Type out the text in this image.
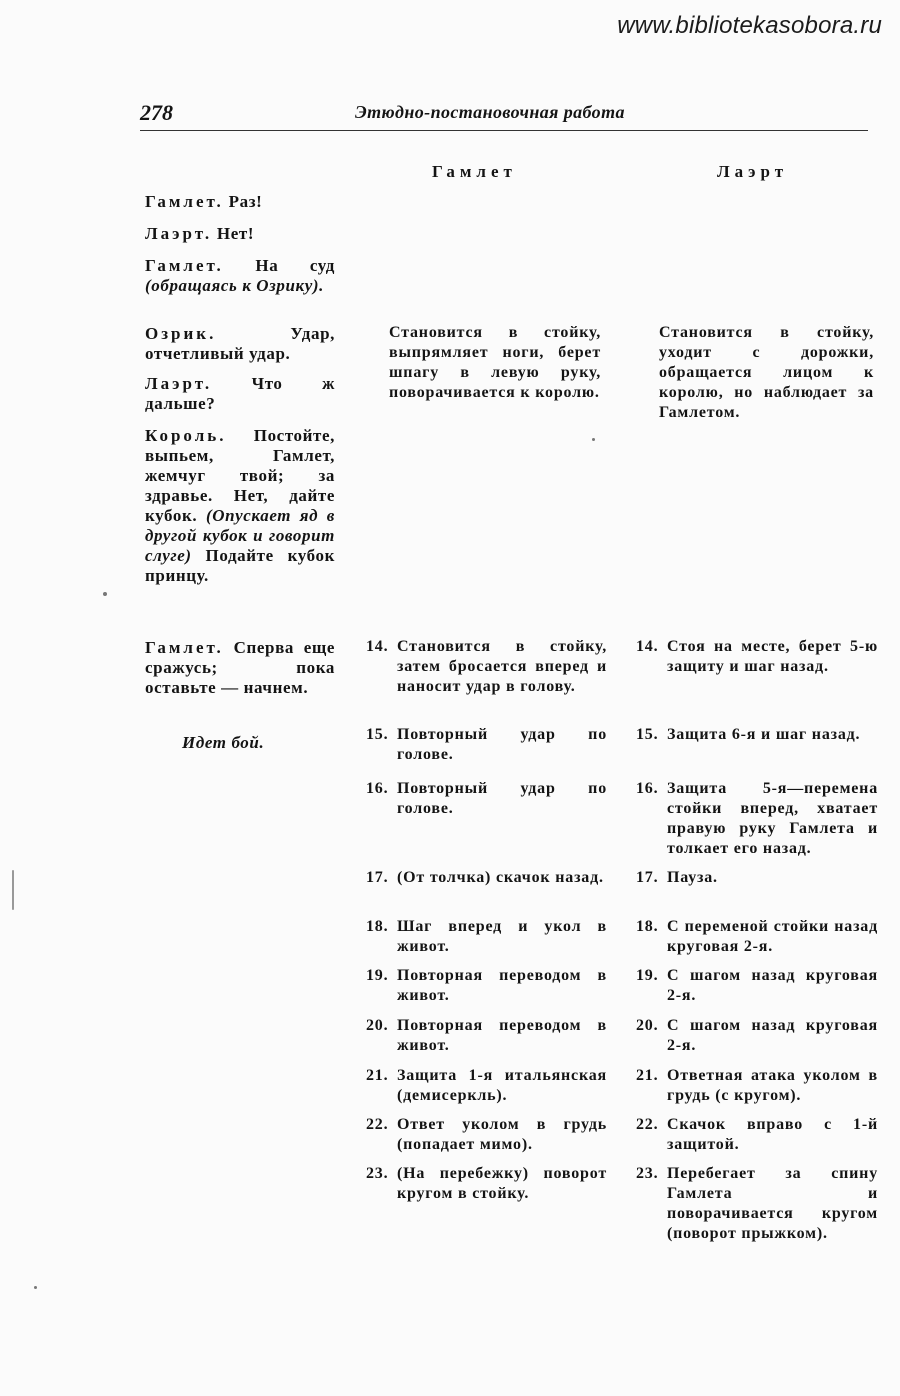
www.bibliotekasobora.ru
278	Этюдно-постановочная работа
Гамлет	Лаэрт
Гамлет. Раз!
Лаэрт. Нет!
Гамлет. На суд (обращаясь к Озрику).
Озрик. Удар, отчетливый удар.
Лаэрт. Что ж дальше?
Король. Постойте, выпьем, Гамлет, жемчуг твой; за здравье. Нет, дайте кубок. (Опускает яд в другой кубок и говорит слуге) Подайте кубок принцу.
Гамлет. Сперва еще сражусь; пока оставьте — начнем.
Идет бой.
Становится в стойку, выпрямляет ноги, берет шпагу в левую руку, поворачивается к королю.
Становится в стойку, уходит с дорожки, обращается лицом к королю, но наблюдает за Гамлетом.
14. Становится в стойку, затем бросается вперед и наносит удар в голову.
15. Повторный удар по голове.
16. Повторный удар по голове.
17. (От толчка) скачок назад.
18. Шаг вперед и укол в живот.
19. Повторная переводом в живот.
20. Повторная переводом в живот.
21. Защита 1-я итальянская (демисеркль).
22. Ответ уколом в грудь (попадает мимо).
23. (На перебежку) поворот кругом в стойку.
14. Стоя на месте, берет 5-ю защиту и шаг назад.
15. Защита 6-я и шаг назад.
16. Защита 5-я—перемена стойки вперед, хватает правую руку Гамлета и толкает его назад.
17. Пауза.
18. С переменой стойки назад круговая 2-я.
19. С шагом назад круговая 2-я.
20. С шагом назад круговая 2-я.
21. Ответная атака уколом в грудь (с кругом).
22. Скачок вправо с 1-й защитой.
23. Перебегает за спину Гамлета и поворачивается кругом (поворот прыжком).
